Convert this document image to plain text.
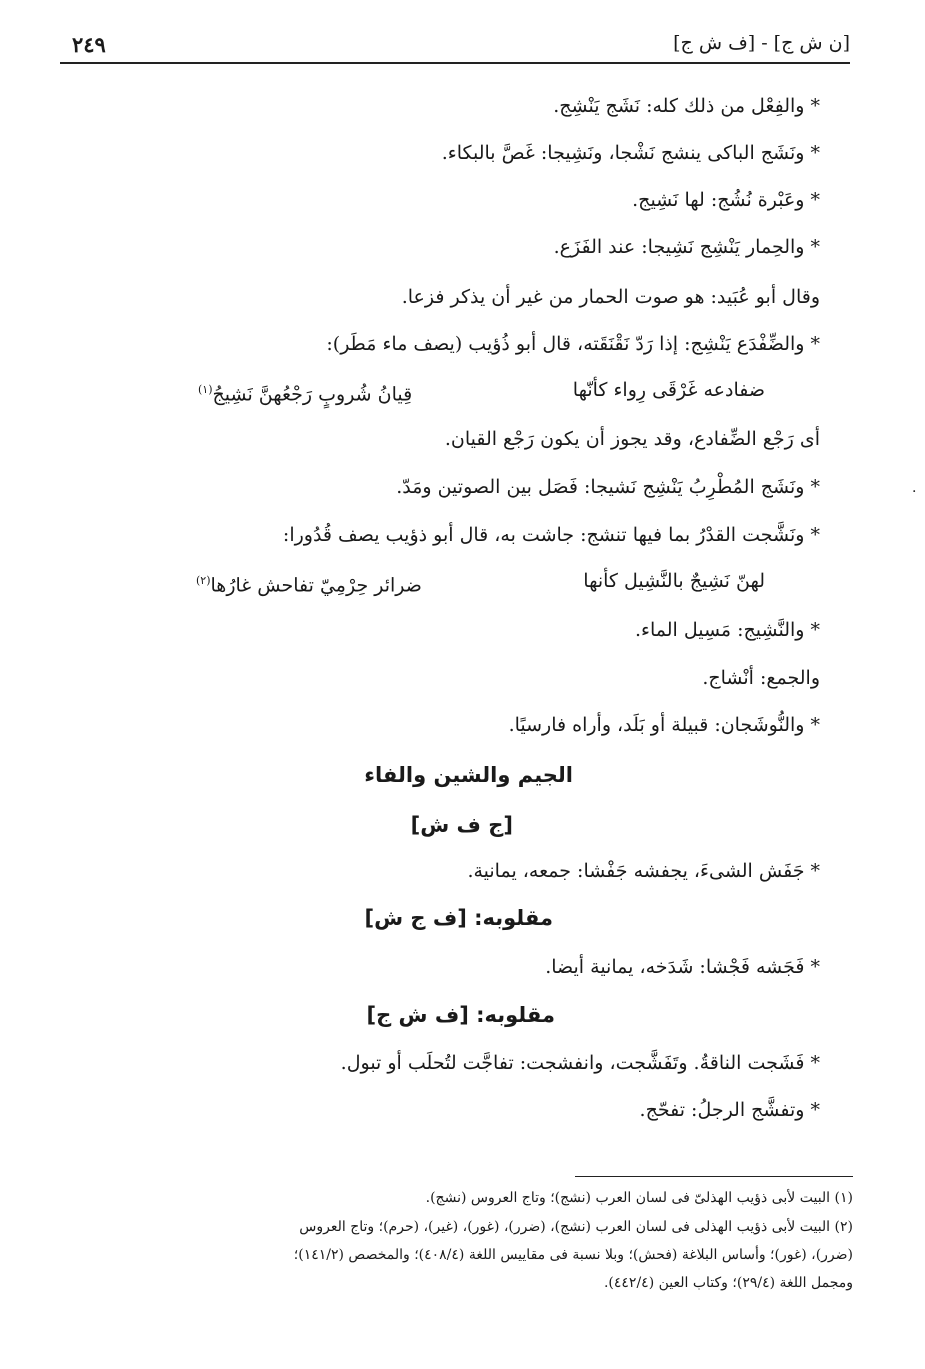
[ن ش ج] - [ف ش ج]
٢٤٩
* والفِعْل من ذلك كله: نَشَج يَنْشِج.
* ونَشَج الباكى ينشج نَشْجا، ونَشِيجا: غَصَّ بالبكاء.
* وعَبْرة نُشُج: لها نَشِيج.
* والحِمار يَنْشِج نَشِيجا: عند الفَزَع.
وقال أبو عُبَيد: هو صوت الحمار من غير أن يذكر فزعا.
* والضِّفْدَع يَنْشِج: إذا رَدّ نَقْنَقَته، قال أبو ذُؤيب (يصف ماء مَطَر):
ضفادعه غَرْقَى رِواء كأنّها
قِيانُ شُروبٍ رَجْعُهنَّ نَشِيجُ$^{(١)}$
أى رَجْع الضِّفادع، وقد يجوز أن يكون رَجْع القيان.
* ونَشَج المُطْرِبُ يَنْشِج نَشيجا: فَصَل بين الصوتين ومَدّ.
* ونَشَّجت القدْرُ بما فيها تنشج: جاشت به، قال أبو ذؤيب يصف قُدُورا:
لهنّ نَشِيجٌ بالنَّشِيل كأنها
ضرائر حِرْمِيّ تفاحش غارُها$^{(٢)}$
* والنَّشِيج: مَسِيل الماء.
والجمع: أنْشاج.
* والنُّوشَجان: قبيلة أو بَلَد، وأراه فارسيًا.
الجيم والشين والفاء
[ج ف ش]
* جَفَش الشىءَ، يجفشه جَفْشا: جمعه، يمانية.
مقلوبه: [ف ج ش]
* فَجَشه فَجْشا: شَدَخه، يمانية أيضا.
مقلوبه: [ف ش ج]
* فَشَجت الناقةُ. وتَفَشَّجت، وانفشجت: تفاجَّت لتُحلَب أو تبول.
* وتفشَّج الرجلُ: تفحّج.
(١) البيت لأبى ذؤيب الهذلىّ فى لسان العرب (نشج)؛ وتاج العروس (نشج).
(٢) البيت لأبى ذؤيب الهذلى فى لسان العرب (نشج)، (ضرر)، (غور)، (غير)، (حرم)؛ وتاج العروس
(ضرر)، (غور)؛ وأساس البلاغة (فحش)؛ وبلا نسبة فى مقاييس اللغة (٤٠٨/٤)؛ والمخصص (١٤١/٢)؛
ومجمل اللغة (٢٩/٤)؛ وكتاب العين (٤٤٢/٤).
·
